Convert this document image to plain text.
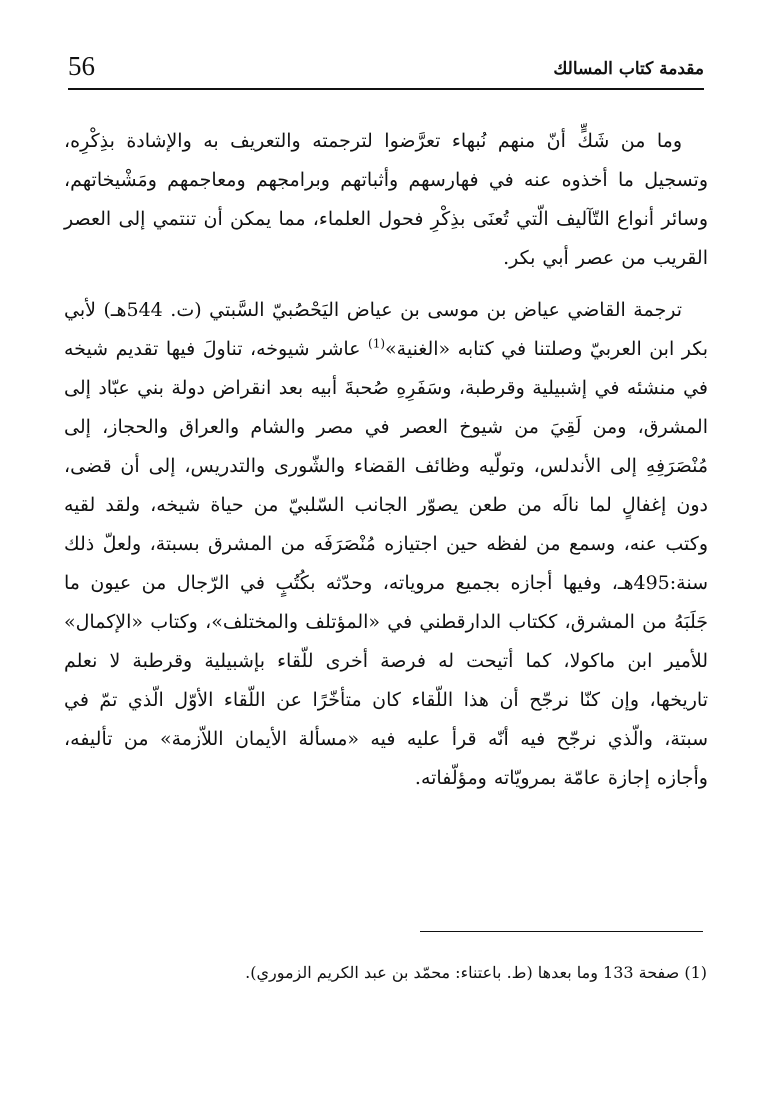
56	مقدمة كتاب المسالك

وما من شَكٍّ أنّ منهم نُبهاء تعرَّضوا لترجمته والتعريف به والإشادة بذِكْرِه، وتسجيل ما أخذوه عنه في فهارسهم وأثباتهم وبرامجهم ومعاجمهم ومَشْيخاتهم، وسائر أنواع التّآليف الّتي تُعنَى بذِكْرِ فحول العلماء، مما يمكن أن تنتمي إلى العصر القريب من عصر أبي بكر.

ترجمة القاضي عياض بن موسى بن عياض اليَحْصُبيّ السَّبتي (ت. 544هـ) لأبي بكر ابن العربيّ وصلتنا في كتابه «الغنية»$^{(1)}$ عاشر شيوخه، تناولَ فيها تقديم شيخه في منشئه في إشبيلية وقرطبة، وسَفَرِهِ صُحبةَ أبيه بعد انقراض دولة بني عبّاد إلى المشرق، ومن لَقِيَ من شيوخ العصر في مصر والشام والعراق والحجاز، إلى مُنْصَرَفِهِ إلى الأندلس، وتولّيه وظائف القضاء والشّورى والتدريس، إلى أن قضى، دون إغفالٍ لما نالَه من طعن يصوّر الجانب السّلبيّ من حياة شيخه، ولقد لقيه وكتب عنه، وسمع من لفظه حين اجتيازه مُنْصَرَفَه من المشرق بسبتة، ولعلّ ذلك سنة:495هـ، وفيها أجازه بجميع مروياته، وحدّثه بكُتُبٍ في الرّجال من عيون ما جَلَبَهُ من المشرق، ككتاب الدارقطني في «المؤتلف والمختلف»، وكتاب «الإكمال» للأمير ابن ماكولا، كما أتيحت له فرصة أخرى للّقاء بإشبيلية وقرطبة لا نعلم تاريخها، وإن كنّا نرجّح أن هذا اللّقاء كان متأخّرًا عن اللّقاء الأوّل الّذي تمّ في سبتة، والّذي نرجّح فيه أنّه قرأ عليه فيه «مسألة الأيمان اللاّزمة» من تأليفه، وأجازه إجازة عامّة بمرويّاته ومؤلّفاته.

(1) صفحة 133 وما بعدها (ط. باعتناء: محمّد بن عبد الكريم الزموري).
